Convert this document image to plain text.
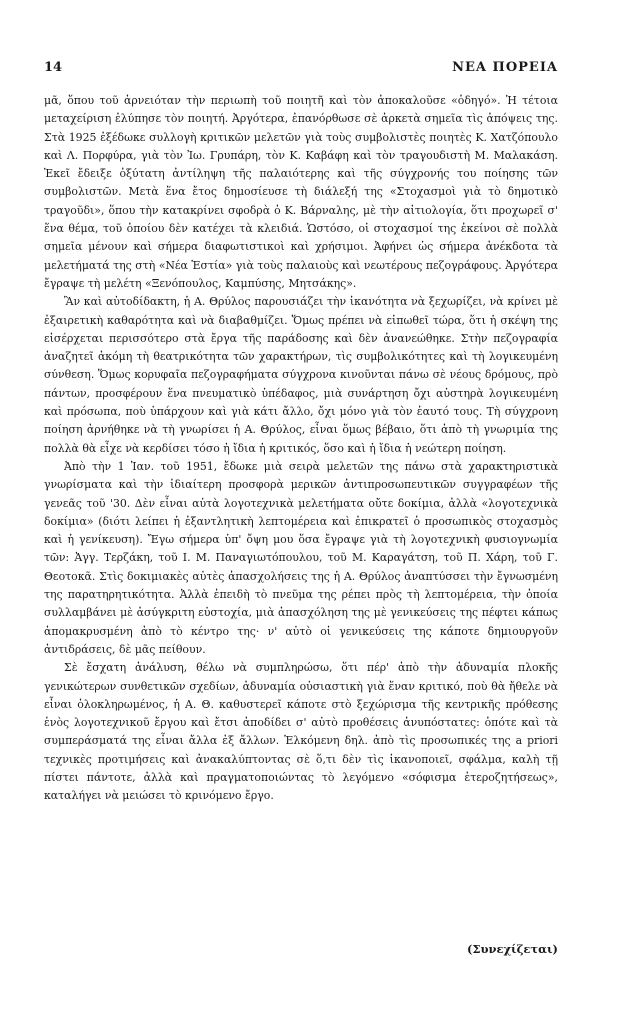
14	ΝΕΑ ΠΟΡΕΙΑ

μᾶ, ὅπου τοῦ ἀρνειόταν τὴν περιωπὴ τοῦ ποιητῆ καὶ τὸν ἀποκαλοῦσε «ὁδηγό». Ἡ τέτοια μεταχείριση ἐλύπησε τὸν ποιητή. Ἀργότερα, ἐπανόρθωσε σὲ ἀρκετὰ σημεῖα τὶς ἀπόψεις της. Στὰ 1925 ἐξέδωκε συλλογὴ κριτικῶν μελετῶν γιὰ τοὺς συμβολιστὲς ποιητὲς Κ. Χατζόπουλο καὶ Λ. Πορφύρα, γιὰ τὸν Ἰω. Γρυπάρη, τὸν Κ. Καβάφη καὶ τὸν τραγουδιστὴ Μ. Μαλακάση. Ἐκεῖ ἔδειξε ὀξύτατη ἀντίληψη τῆς παλαιότερης καὶ τῆς σύγχρονής του ποίησης τῶν συμβολιστῶν. Μετὰ ἕνα ἔτος δημοσίευσε τὴ διάλεξή της «Στοχασμοὶ γιὰ τὸ δημοτικὸ τραγοῦδι», ὅπου τὴν κατακρίνει σφοδρὰ ὁ Κ. Βάρναλης, μὲ τὴν αἰτιολογία, ὅτι προχωρεῖ σ' ἕνα θέμα, τοῦ ὁποίου δὲν κατέχει τὰ κλειδιά. Ὡστόσο, οἱ στοχασμοί της ἐκείνοι σὲ πολλὰ σημεῖα μένουν καὶ σήμερα διαφωτιστικοὶ καὶ χρήσιμοι. Ἀφήνει ὡς σήμερα ἀνέκδοτα τὰ μελετήματά της στὴ «Νέα Ἑστία» γιὰ τοὺς παλαιοὺς καὶ νεωτέρους πεζογράφους. Ἀργότερα ἔγραψε τὴ μελέτη «Ξενόπουλος, Καμπύσης, Μητσάκης».

Ἂν καὶ αὐτοδίδακτη, ἡ Α. Θρύλος παρουσιάζει τὴν ἱκανότητα νὰ ξεχωρίζει, νὰ κρίνει μὲ ἐξαιρετικὴ καθαρότητα καὶ νὰ διαβαθμίζει. Ὅμως πρέπει νὰ εἰπωθεῖ τώρα, ὅτι ἡ σκέψη της εἰσέρχεται περισσότερο στὰ ἔργα τῆς παράδοσης καὶ δὲν ἀνανεώθηκε. Στὴν πεζογραφία ἀναζητεῖ ἀκόμη τὴ θεατρικότητα τῶν χαρακτήρων, τὶς συμβολικότητες καὶ τὴ λογικευμένη σύνθεση. Ὅμως κορυφαῖα πεζογραφήματα σύγχρονα κινοῦνται πάνω σὲ νέους δρόμους, πρὸ πάντων, προσφέρουν ἕνα πνευματικὸ ὑπέδαφος, μιὰ συνάρτηση ὄχι αὐστηρὰ λογικευμένη καὶ πρόσωπα, ποὺ ὑπάρχουν καὶ γιὰ κάτι ἄλλο, ὄχι μόνο γιὰ τὸν ἑαυτό τους. Τὴ σύγχρονη ποίηση ἀρνήθηκε νὰ τὴ γνωρίσει ἡ Α. Θρύλος, εἶναι ὅμως βέβαιο, ὅτι ἀπὸ τὴ γνωριμία της πολλὰ θὰ εἶχε νὰ κερδίσει τόσο ἡ ἴδια ἡ κριτικός, ὅσο καὶ ἡ ἴδια ἡ νεώτερη ποίηση.

Ἀπὸ τὴν 1 Ἰαν. τοῦ 1951, ἔδωκε μιὰ σειρὰ μελετῶν της πάνω στὰ χαρακτηριστικὰ γνωρίσματα καὶ τὴν ἰδιαίτερη προσφορὰ μερικῶν ἀντιπροσωπευτικῶν συγγραφέων τῆς γενεᾶς τοῦ '30. Δὲν εἶναι αὐτὰ λογοτεχνικὰ μελετήματα οὔτε δοκίμια, ἀλλὰ «λογοτεχνικὰ δοκίμια» (διότι λείπει ἡ ἐξαντλητικὴ λεπτομέρεια καὶ ἐπικρατεῖ ὁ προσωπικὸς στοχασμὸς καὶ ἡ γενίκευση). Ἔγω σήμερα ὑπ' ὄψη μου ὅσα ἔγραψε γιὰ τὴ λογοτεχνικὴ φυσιογνωμία τῶν: Ἀγγ. Τερζάκη, τοῦ Ι. Μ. Παναγιωτόπουλου, τοῦ Μ. Καραγάτση, τοῦ Π. Χάρη, τοῦ Γ. Θεοτοκᾶ. Στὶς δοκιμιακὲς αὐτὲς ἀπασχολήσεις της ἡ Α. Θρύλος ἀναπτύσσει τὴν ἔγνωσμένη της παρατηρητικότητα. Ἀλλὰ ἐπειδὴ τὸ πνεῦμα της ρέπει πρὸς τὴ λεπτομέρεια, τὴν ὁποία συλλαμβάνει μὲ ἀσύγκριτη εὐστοχία, μιὰ ἀπασχόληση της μὲ γενικεύσεις της πέφτει κάπως ἀπομακρυσμένη ἀπὸ τὸ κέντρο της· ν' αὐτὸ οἱ γενικεύσεις της κάποτε δημιουργοῦν ἀντιδράσεις, δὲ μᾶς πείθουν.

Σὲ ἔσχατη ἀνάλυση, θέλω νὰ συμπληρώσω, ὅτι πέρ' ἀπὸ τὴν ἀδυναμία πλοκῆς γενικώτερων συνθετικῶν σχεδίων, ἀδυναμία οὐσιαστικὴ γιὰ ἕναν κριτικό, ποὺ θὰ ἤθελε νὰ εἶναι ὁλοκληρωμένος, ἡ Α. Θ. καθυστερεῖ κάποτε στὸ ξεχώρισμα τῆς κεντρικῆς πρόθεσης ἑνὸς λογοτεχνικοῦ ἔργου καὶ ἔτσι ἀποδίδει σ' αὐτὸ προθέσεις ἀνυπόστατες: ὁπότε καὶ τὰ συμπεράσματά της εἶναι ἄλλα ἐξ ἄλλων. Ἑλκόμενη δηλ. ἀπὸ τὶς προσωπικές της a priori τεχνικὲς προτιμήσεις καὶ ἀνακαλύπτοντας σὲ ὅ,τι δὲν τὶς ἱκανοποιεῖ, σφάλμα, καλὴ τῇ πίστει πάντοτε, ἀλλὰ καὶ πραγματοποιώντας τὸ λεγόμενο «σόφισμα ἑτεροζητήσεως», καταλήγει νὰ μειώσει τὸ κρινόμενο ἔργο.

(Συνεχίζεται)
